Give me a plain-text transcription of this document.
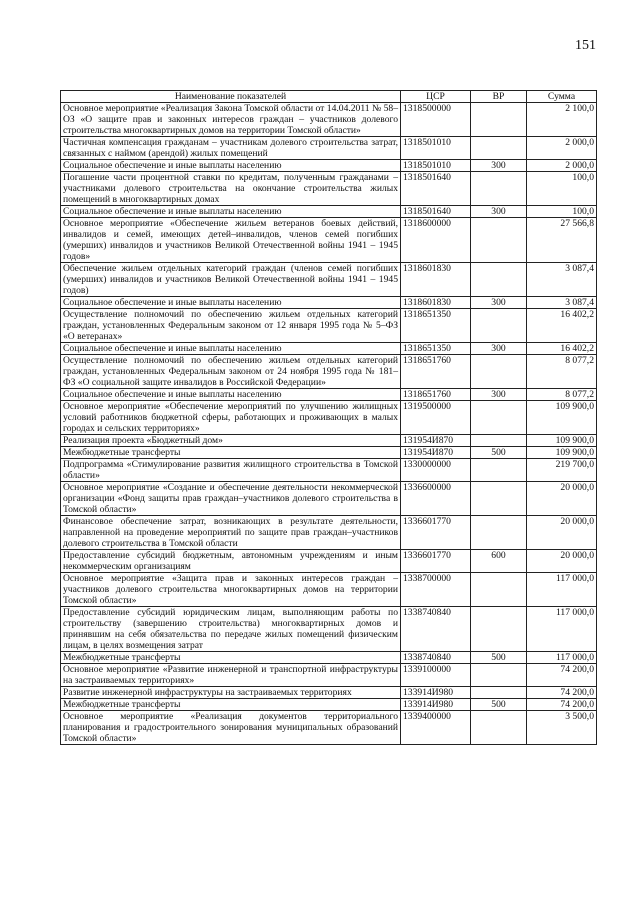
151
Наименование показателей	ЦСР	ВР	Сумма
Основное мероприятие «Реализация Закона Томской области от 14.04.2011 № 58–ОЗ «О защите прав и законных интересов граждан – участников долевого строительства многоквартирных домов на территории Томской области»	1318500000		2 100,0
Частичная компенсация гражданам – участникам долевого строительства затрат, связанных с наймом (арендой) жилых помещений	1318501010		2 000,0
Социальное обеспечение и иные выплаты населению	1318501010	300	2 000,0
Погашение части процентной ставки по кредитам, полученным гражданами – участниками долевого строительства на окончание строительства жилых помещений в многоквартирных домах	1318501640		100,0
Социальное обеспечение и иные выплаты населению	1318501640	300	100,0
Основное мероприятие «Обеспечение жильем ветеранов боевых действий, инвалидов и семей, имеющих детей–инвалидов, членов семей погибших (умерших) инвалидов и участников Великой Отечественной войны 1941 – 1945 годов»	1318600000		27 566,8
Обеспечение жильем отдельных категорий граждан (членов семей погибших (умерших) инвалидов и участников Великой Отечественной войны 1941 – 1945 годов)	1318601830		3 087,4
Социальное обеспечение и иные выплаты населению	1318601830	300	3 087,4
Осуществление полномочий по обеспечению жильем отдельных категорий граждан, установленных Федеральным законом от 12 января 1995 года № 5–ФЗ «О ветеранах»	1318651350		16 402,2
Социальное обеспечение и иные выплаты населению	1318651350	300	16 402,2
Осуществление полномочий по обеспечению жильем отдельных категорий граждан, установленных Федеральным законом от 24 ноября 1995 года № 181–ФЗ «О социальной защите инвалидов в Российской Федерации»	1318651760		8 077,2
Социальное обеспечение и иные выплаты населению	1318651760	300	8 077,2
Основное мероприятие «Обеспечение мероприятий по улучшению жилищных условий работников бюджетной сферы, работающих и проживающих в малых городах и сельских территориях»	1319500000		109 900,0
Реализация проекта «Бюджетный дом»	131954И870		109 900,0
Межбюджетные трансферты	131954И870	500	109 900,0
Подпрограмма «Стимулирование развития жилищного строительства в Томской области»	1330000000		219 700,0
Основное мероприятие «Создание и обеспечение деятельности некоммерческой организации «Фонд защиты прав граждан–участников долевого строительства в Томской области»	1336600000		20 000,0
Финансовое обеспечение затрат, возникающих в результате деятельности, направленной на проведение мероприятий по защите прав граждан–участников долевого строительства в Томской области	1336601770		20 000,0
Предоставление субсидий бюджетным, автономным учреждениям и иным некоммерческим организациям	1336601770	600	20 000,0
Основное мероприятие «Защита прав и законных интересов граждан – участников долевого строительства многоквартирных домов на территории Томской области»	1338700000		117 000,0
Предоставление субсидий юридическим лицам, выполняющим работы по строительству (завершению строительства) многоквартирных домов и принявшим на себя обязательства по передаче жилых помещений физическим лицам, в целях возмещения затрат	1338740840		117 000,0
Межбюджетные трансферты	1338740840	500	117 000,0
Основное мероприятие «Развитие инженерной и транспортной инфраструктуры на застраиваемых территориях»	1339100000		74 200,0
Развитие инженерной инфраструктуры на застраиваемых территориях	133914И980		74 200,0
Межбюджетные трансферты	133914И980	500	74 200,0
Основное мероприятие «Реализация документов территориального планирования и градостроительного зонирования муниципальных образований Томской области»	1339400000		3 500,0
